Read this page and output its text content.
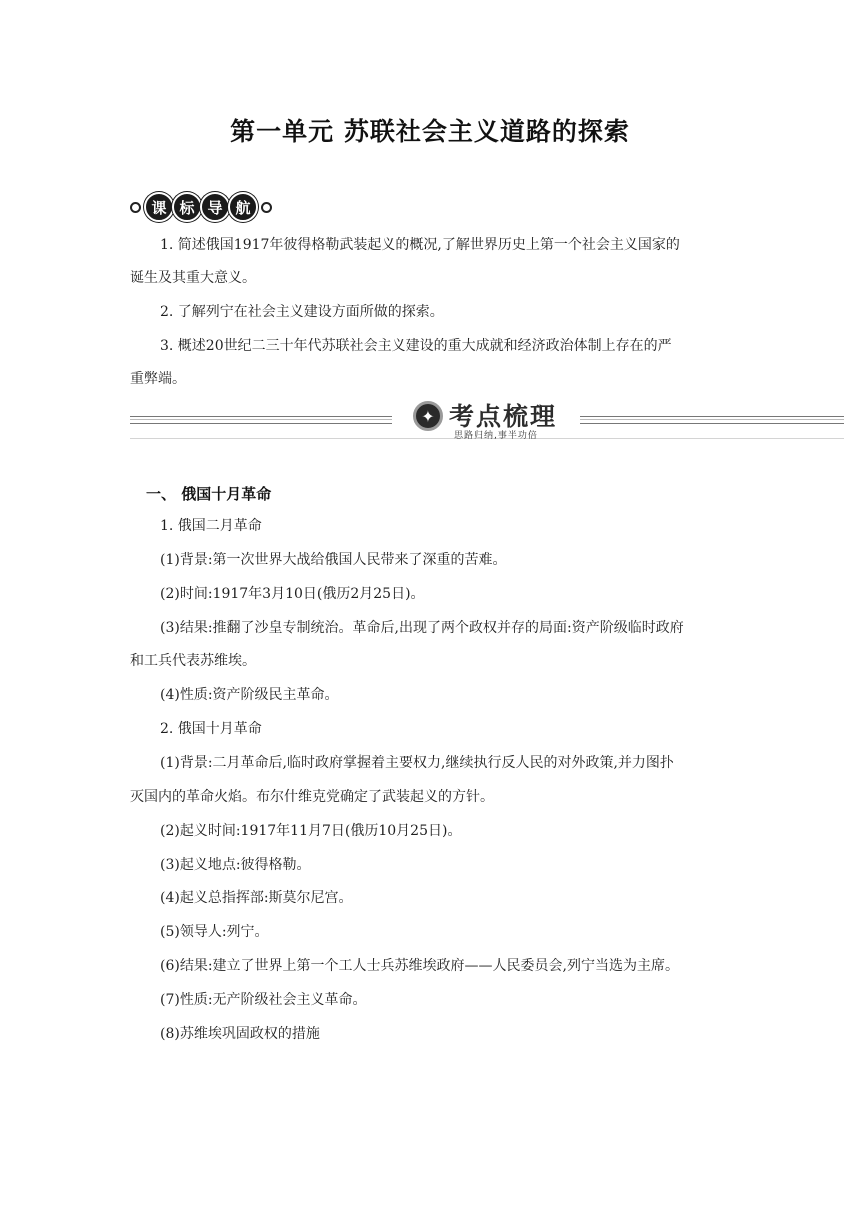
第一单元 苏联社会主义道路的探索
课 标 导 航
1. 简述俄国1917年彼得格勒武装起义的概况,了解世界历史上第一个社会主义国家的
诞生及其重大意义。
2. 了解列宁在社会主义建设方面所做的探索。
3. 概述20世纪二三十年代苏联社会主义建设的重大成就和经济政治体制上存在的严
重弊端。
✦ 考点梳理
思路归纳,事半功倍
一、 俄国十月革命
1. 俄国二月革命
(1)背景:第一次世界大战给俄国人民带来了深重的苦难。
(2)时间:1917年3月10日(俄历2月25日)。
(3)结果:推翻了沙皇专制统治。革命后,出现了两个政权并存的局面:资产阶级临时政府
和工兵代表苏维埃。
(4)性质:资产阶级民主革命。
2. 俄国十月革命
(1)背景:二月革命后,临时政府掌握着主要权力,继续执行反人民的对外政策,并力图扑
灭国内的革命火焰。布尔什维克党确定了武装起义的方针。
(2)起义时间:1917年11月7日(俄历10月25日)。
(3)起义地点:彼得格勒。
(4)起义总指挥部:斯莫尔尼宫。
(5)领导人:列宁。
(6)结果:建立了世界上第一个工人士兵苏维埃政府——人民委员会,列宁当选为主席。
(7)性质:无产阶级社会主义革命。
(8)苏维埃巩固政权的措施
